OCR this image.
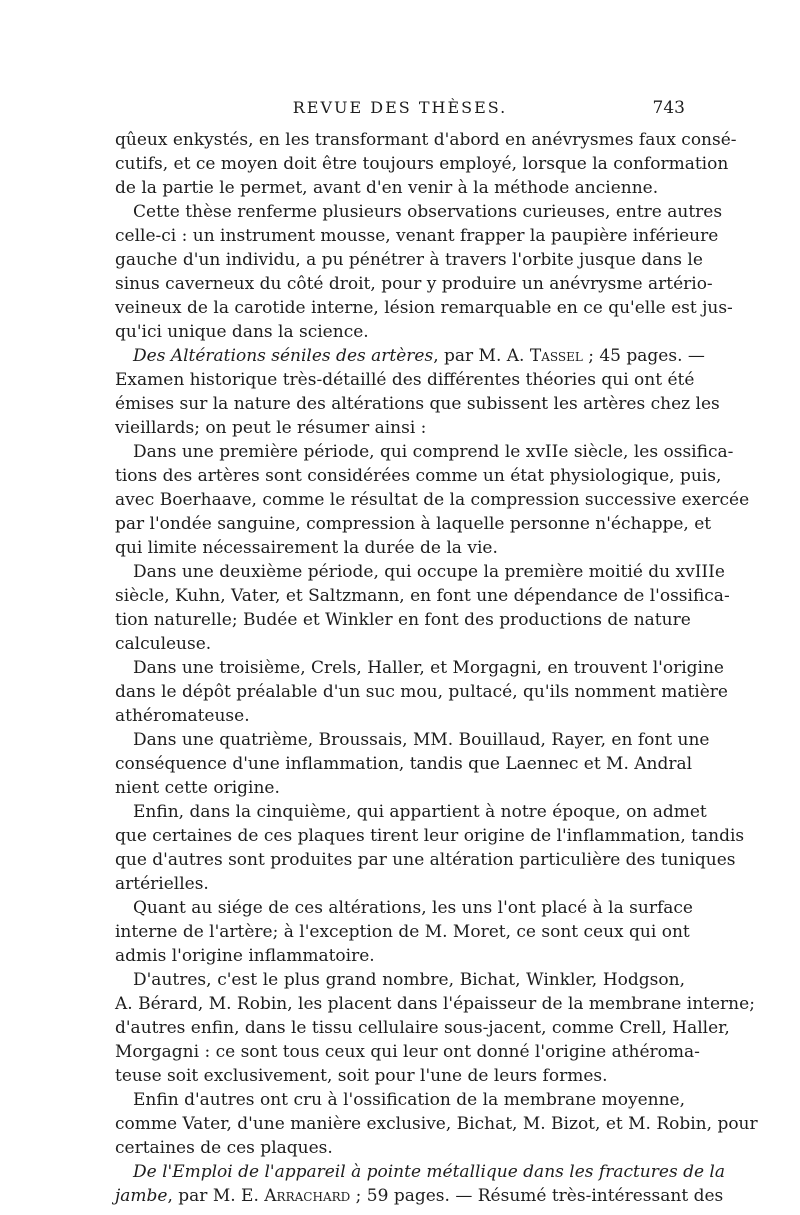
REVUE DES THÈSES.	743
qûeux enkystés, en les transformant d'abord en anévrysmes faux consé-
cutifs, et ce moyen doit être toujours employé, lorsque la conformation
de la partie le permet, avant d'en venir à la méthode ancienne.
Cette thèse renferme plusieurs observations curieuses, entre autres
celle-ci : un instrument mousse, venant frapper la paupière inférieure
gauche d'un individu, a pu pénétrer à travers l'orbite jusque dans le
sinus caverneux du côté droit, pour y produire un anévrysme artério-
veineux de la carotide interne, lésion remarquable en ce qu'elle est jus-
qu'ici unique dans la science.
Des Altérations séniles des artères, par M. A. Tassel ; 45 pages. —
Examen historique très-détaillé des différentes théories qui ont été
émises sur la nature des altérations que subissent les artères chez les
vieillards; on peut le résumer ainsi :
Dans une première période, qui comprend le xvIIe siècle, les ossifica-
tions des artères sont considérées comme un état physiologique, puis,
avec Boerhaave, comme le résultat de la compression successive exercée
par l'ondée sanguine, compression à laquelle personne n'échappe, et
qui limite nécessairement la durée de la vie.
Dans une deuxième période, qui occupe la première moitié du xvIIIe
siècle, Kuhn, Vater, et Saltzmann, en font une dépendance de l'ossifica-
tion naturelle; Budée et Winkler en font des productions de nature
calculeuse.
Dans une troisième, Crels, Haller, et Morgagni, en trouvent l'origine
dans le dépôt préalable d'un suc mou, pultacé, qu'ils nomment matière
athéromateuse.
Dans une quatrième, Broussais, MM. Bouillaud, Rayer, en font une
conséquence d'une inflammation, tandis que Laennec et M. Andral
nient cette origine.
Enfin, dans la cinquième, qui appartient à notre époque, on admet
que certaines de ces plaques tirent leur origine de l'inflammation, tandis
que d'autres sont produites par une altération particulière des tuniques
artérielles.
Quant au siége de ces altérations, les uns l'ont placé à la surface
interne de l'artère; à l'exception de M. Moret, ce sont ceux qui ont
admis l'origine inflammatoire.
D'autres, c'est le plus grand nombre, Bichat, Winkler, Hodgson,
A. Bérard, M. Robin, les placent dans l'épaisseur de la membrane interne;
d'autres enfin, dans le tissu cellulaire sous-jacent, comme Crell, Haller,
Morgagni : ce sont tous ceux qui leur ont donné l'origine athéroma-
teuse soit exclusivement, soit pour l'une de leurs formes.
Enfin d'autres ont cru à l'ossification de la membrane moyenne,
comme Vater, d'une manière exclusive, Bichat, M. Bizot, et M. Robin, pour
certaines de ces plaques.
De l'Emploi de l'appareil à pointe métallique dans les fractures de la
jambe, par M. E. Arrachard ; 59 pages. — Résumé très-intéressant des
